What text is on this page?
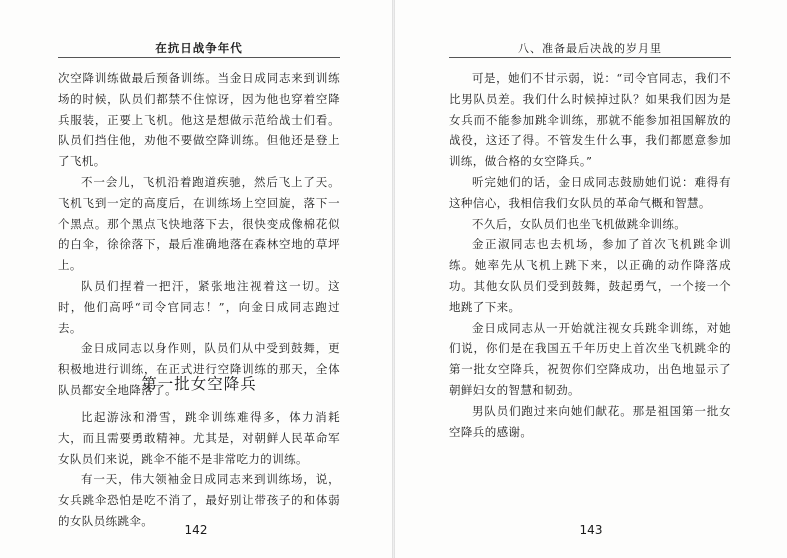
在抗日战争年代

次空降训练做最后预备训练。当金日成同志来到训练场的时候，队员们都禁不住惊讶，因为他也穿着空降兵服装，正要上飞机。他这是想做示范给战士们看。队员们挡住他，劝他不要做空降训练。但他还是登上了飞机。

不一会儿，飞机沿着跑道疾驰，然后飞上了天。飞机飞到一定的高度后，在训练场上空回旋，落下一个黑点。那个黑点飞快地落下去，很快变成像棉花似的白伞，徐徐落下，最后准确地落在森林空地的草坪上。

队员们捏着一把汗，紧张地注视着这一切。这时，他们高呼“司令官同志！”，向金日成同志跑过去。

金日成同志以身作则，队员们从中受到鼓舞，更积极地进行训练，在正式进行空降训练的那天，全体队员都安全地降落了。

第一批女空降兵

比起游泳和滑雪，跳伞训练难得多，体力消耗大，而且需要勇敢精神。尤其是，对朝鲜人民革命军女队员们来说，跳伞不能不是非常吃力的训练。

有一天，伟大领袖金日成同志来到训练场，说，女兵跳伞恐怕是吃不消了，最好别让带孩子的和体弱的女队员练跳伞。

142
八、准备最后决战的岁月里

可是，她们不甘示弱，说：“司令官同志，我们不比男队员差。我们什么时候掉过队？如果我们因为是女兵而不能参加跳伞训练，那就不能参加祖国解放的战役，这还了得。不管发生什么事，我们都愿意参加训练，做合格的女空降兵。”

听完她们的话，金日成同志鼓励她们说：难得有这种信心，我相信我们女队员的革命气概和智慧。

不久后，女队员们也坐飞机做跳伞训练。

金正淑同志也去机场，参加了首次飞机跳伞训练。她率先从飞机上跳下来，以正确的动作降落成功。其他女队员们受到鼓舞，鼓起勇气，一个接一个地跳了下来。

金日成同志从一开始就注视女兵跳伞训练，对她们说，你们是在我国五千年历史上首次坐飞机跳伞的第一批女空降兵，祝贺你们空降成功，出色地显示了朝鲜妇女的智慧和韧劲。

男队员们跑过来向她们献花。那是祖国第一批女空降兵的感谢。

143
